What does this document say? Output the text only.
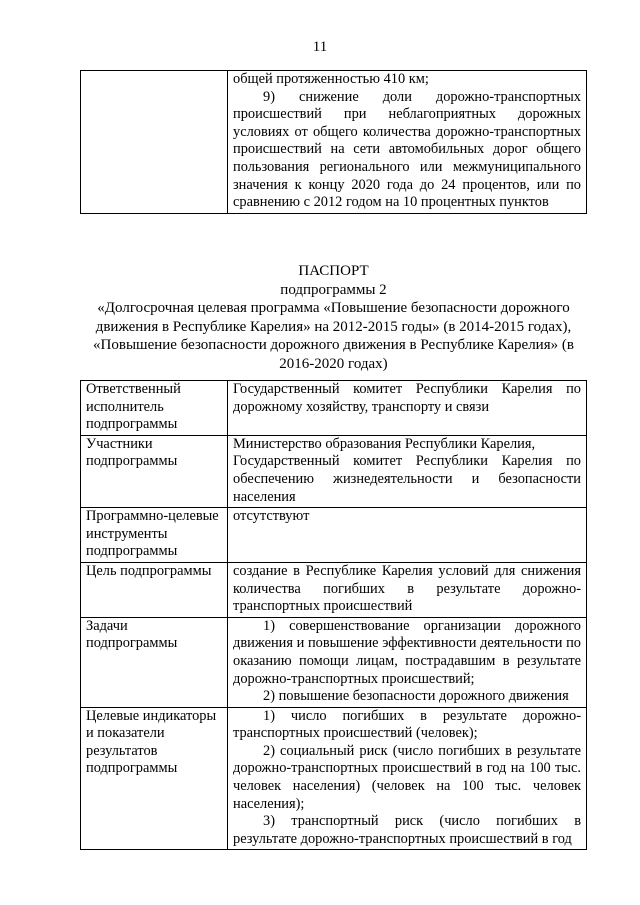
11

общей протяженностью 410 км;

9) снижение доли дорожно-транспортных происшествий при неблагоприятных дорожных условиях от общего количества дорожно-транспортных происшествий на сети автомобильных дорог общего пользования регионального или межмуниципального значения к концу 2020 года до 24 процентов, или по сравнению с 2012 годом на 10 процентных пунктов

ПАСПОРТ
подпрограммы 2
«Долгосрочная целевая программа «Повышение безопасности дорожного
движения в Республике Карелия» на 2012-2015 годы» (в 2014-2015 годах),
«Повышение безопасности дорожного движения в Республике Карелия» (в
2016-2020 годах)
Ответственный исполнитель подпрограммы	Государственный комитет Республики Карелия по дорожному хозяйству, транспорту и связи

Участники подпрограммы	Министерство образования Республики Карелия,

Государственный комитет Республики Карелия по обеспечению жизнедеятельности и безопасности населения

Программно-целевые инструменты подпрограммы	отсутствуют

Цель подпрограммы	создание в Республике Карелия условий для снижения количества погибших в результате дорожно-транспортных происшествий

Задачи подпрограммы	1) совершенствование организации дорожного движения и повышение эффективности деятельности по оказанию помощи лицам, пострадавшим в результате дорожно-транспортных происшествий;

2) повышение безопасности дорожного движения

Целевые индикаторы и показатели результатов подпрограммы	1) число погибших в результате дорожно-транспортных происшествий (человек);

2) социальный риск (число погибших в результате дорожно-транспортных происшествий в год на 100 тыс. человек населения) (человек на 100 тыс. человек населения);

3) транспортный риск (число погибших в результате дорожно-транспортных происшествий в год
